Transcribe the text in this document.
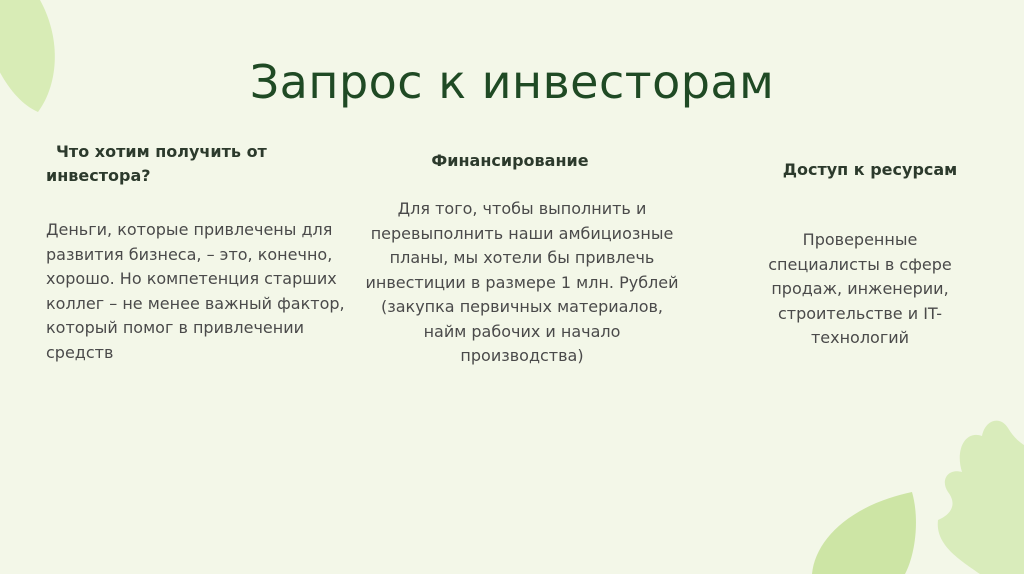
Запрос к инвесторам
Что хотим получить от инвестора?
Деньги, которые привлечены для развития бизнеса, – это, конечно, хорошо. Но компетенция старших коллег – не менее важный фактор, который помог в привлечении средств
Финансирование
Для того, чтобы выполнить и перевыполнить наши амбициозные планы, мы хотели бы привлечь инвестиции в размере 1 млн. Рублей (закупка первичных материалов, найм рабочих и начало производства)
Доступ к ресурсам
Проверенные специалисты в сфере продаж, инженерии, строительстве и IT-технологий
